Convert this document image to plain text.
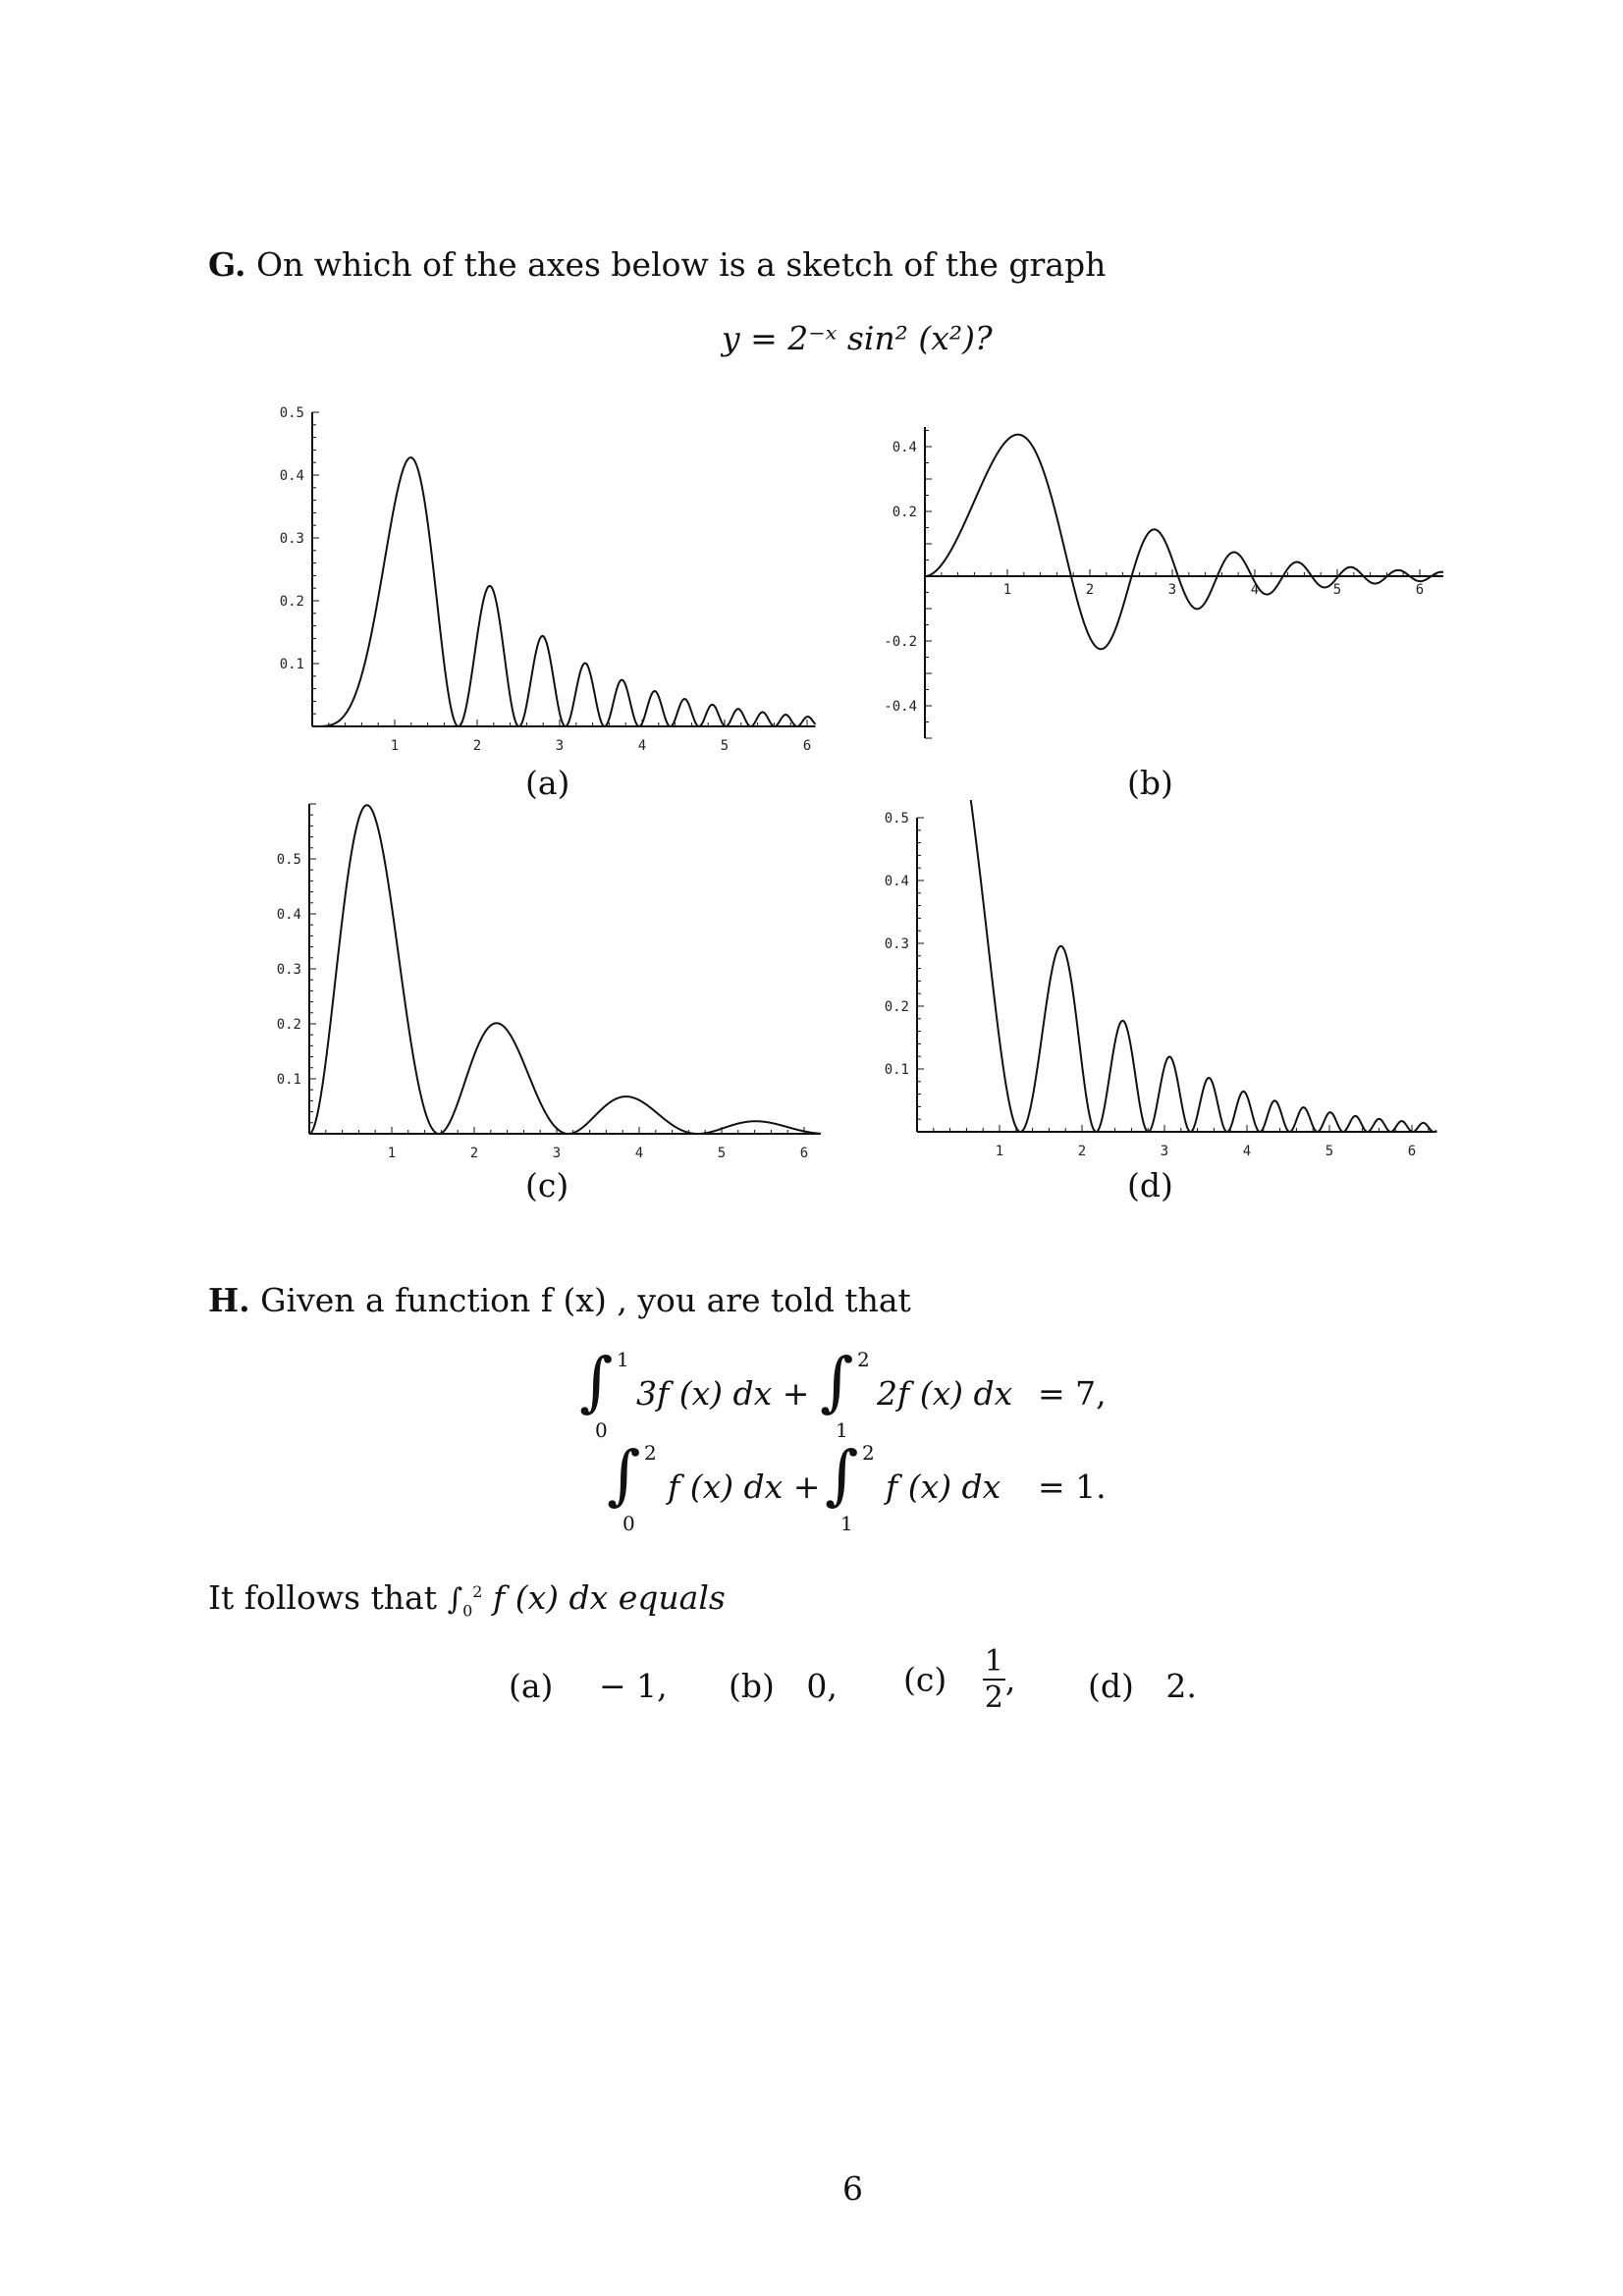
G. On which of the axes below is a sketch of the graph
y = 2⁻ˣ sin² (x²)?
1	2	3	4	5	6
0.1
0.2
0.3
0.4
0.5
(a)
1	2	3	4	5	6
-0.4
-0.2
0.2
0.4
(b)
1	2	3	4	5	6
0.1
0.2
0.3
0.4
0.5
(c)
1	2	3	4	5	6
0.1
0.2
0.3
0.4
0.5
(d)
H. Given a function f (x) , you are told that
∫ 1
0
3f (x) dx + ∫ 2
1
2f (x) dx = 7,
∫ 2
0
f (x) dx + ∫ 2
1
f (x) dx = 1.
It follows that $\int_0^2$ f (x) dx equals
(a) − 1, (b) 0, $(c) \frac{1}{2}$ , (d) 2.
6
